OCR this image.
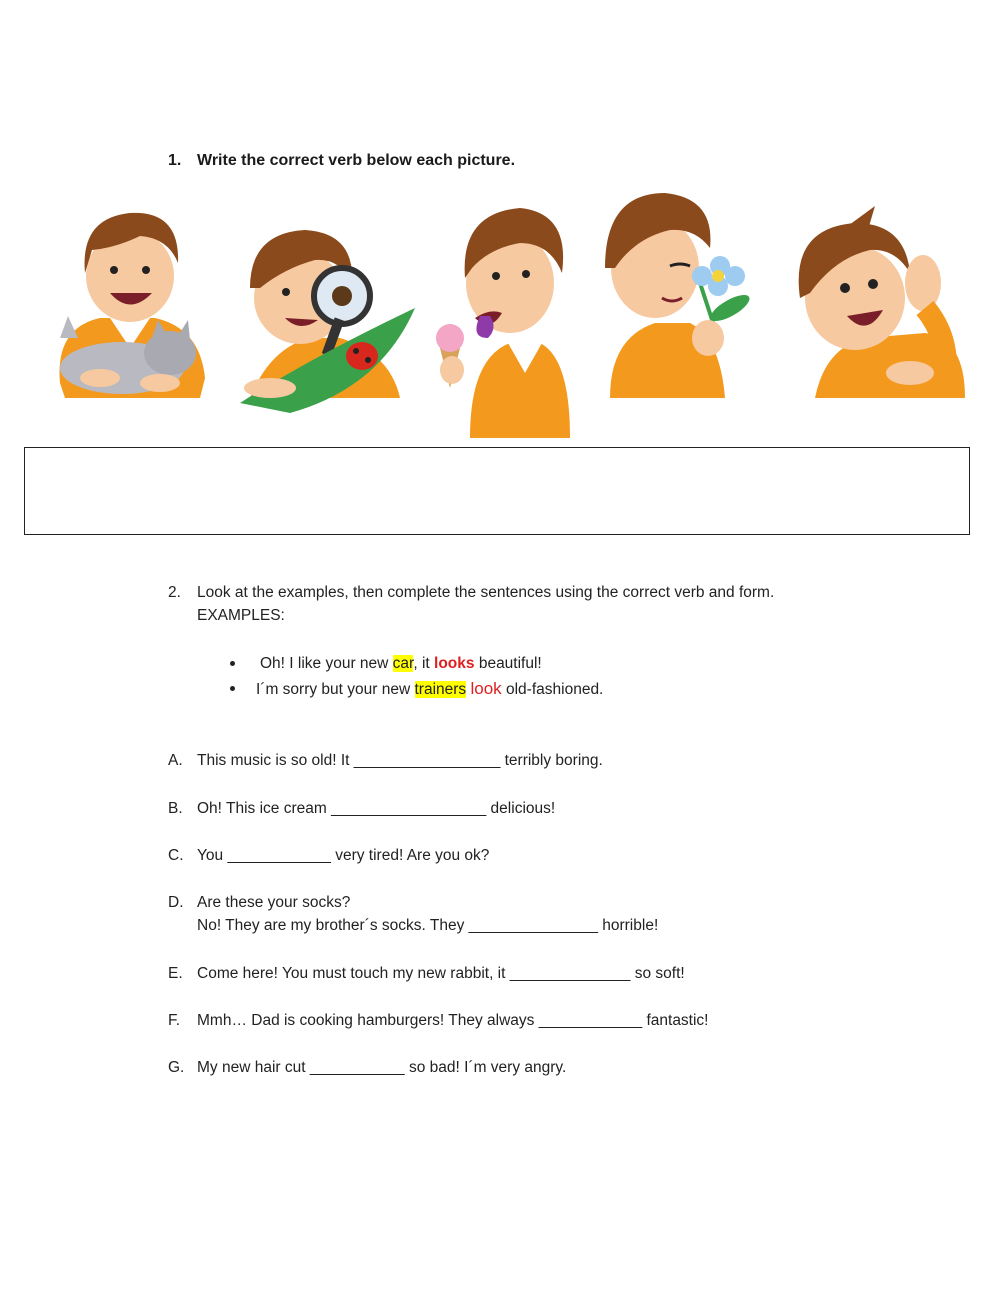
1. Write the correct verb below each picture.
2. Look at the examples, then complete the sentences using the correct verb and form.
EXAMPLES:
Oh! I like your new car, it looks beautiful!
I´m sorry but your new trainers look old-fashioned.
A. This music is so old! It _________________ terribly boring.
B. Oh! This ice cream __________________ delicious!
C. You ____________ very tired! Are you ok?
D. Are these your socks?
No! They are my brother´s socks. They _______________ horrible!
E. Come here! You must touch my new rabbit, it ______________ so soft!
F. Mmh… Dad is cooking hamburgers! They always ____________ fantastic!
G. My new hair cut ___________ so bad! I´m very angry.
